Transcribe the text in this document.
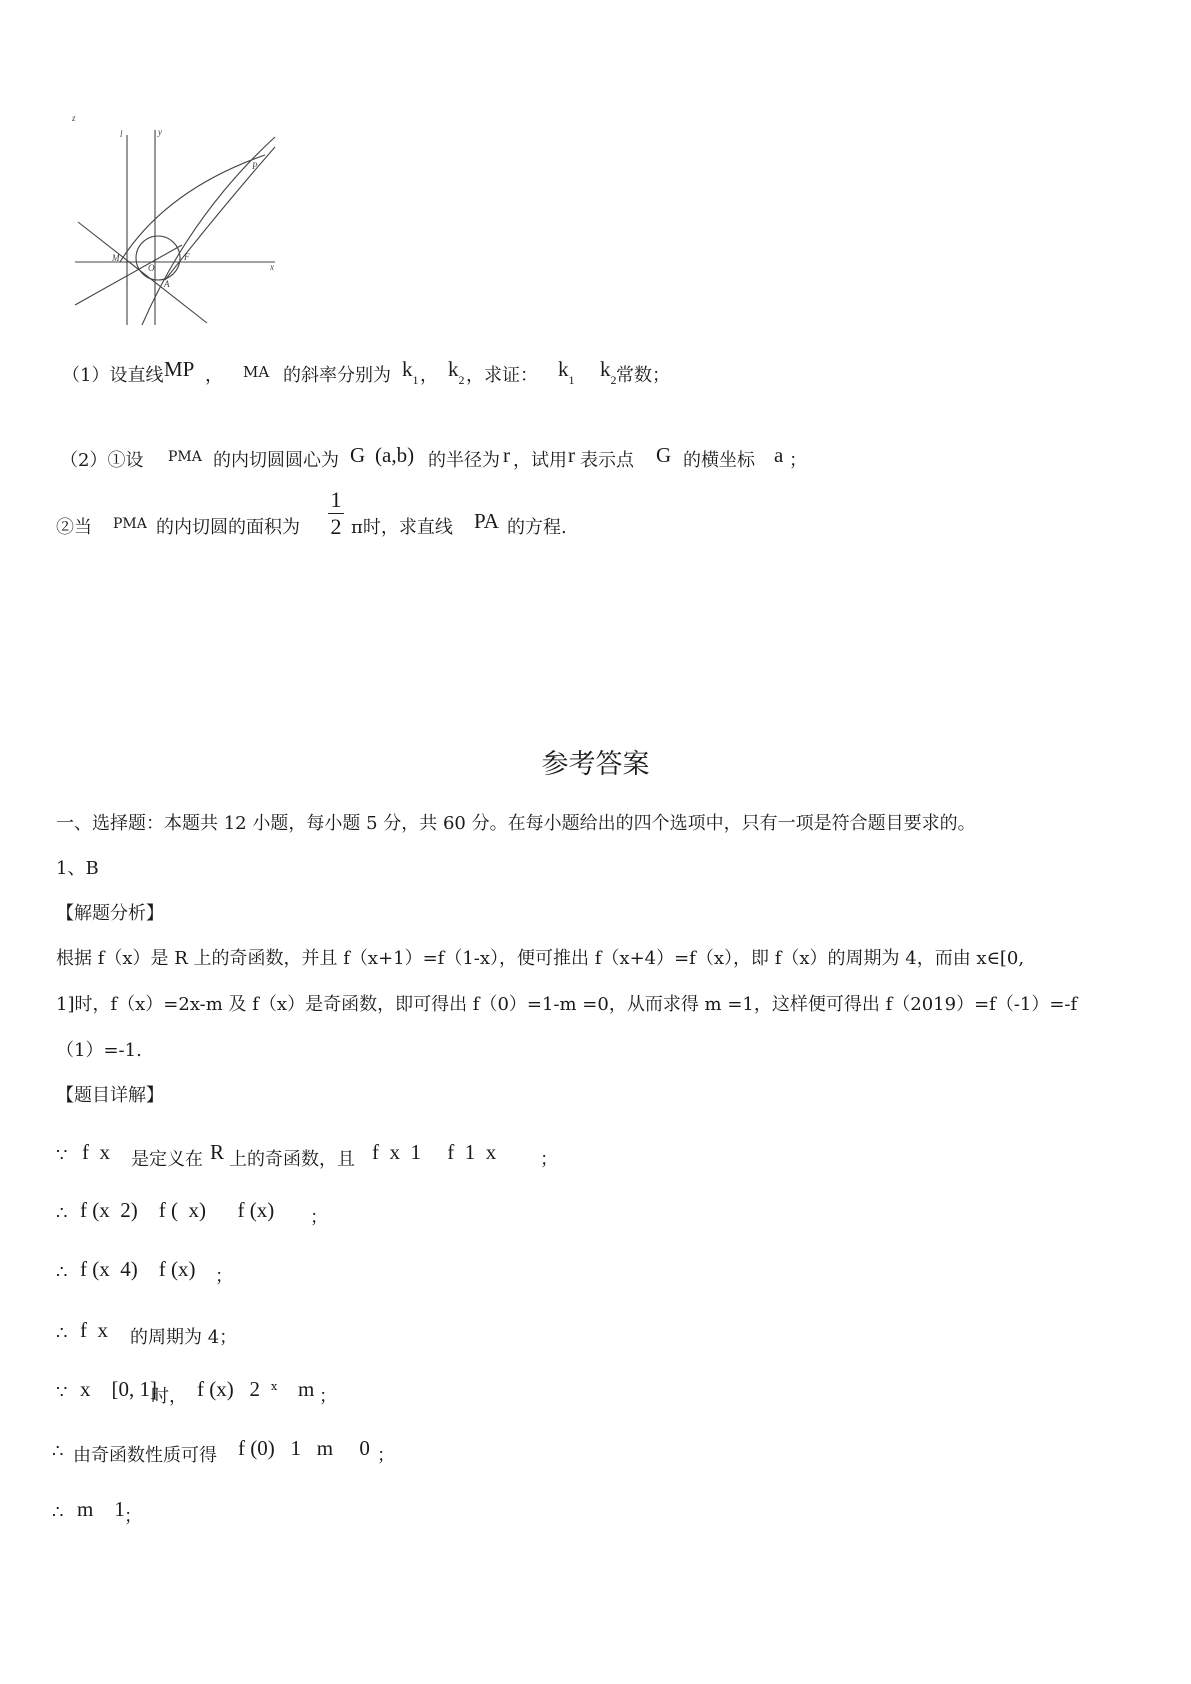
z
l	y
x
M
O
F
P
A
（1）设直线 MP ， MA 的斜率分别为 $k_1$ ， $k_2$ ，求证： $k_1$ $k_2$ 常数；
（2）①设 PMA 的内切圆圆心为 G (a,b) 的半径为 r ，试用 r 表示点 G 的横坐标 a ；
②当 PMA 的内切圆的面积为
1
2 π时，求直线 PA 的方程.
参考答案
一、选择题：本题共 12 小题，每小题 5 分，共 60 分。在每小题给出的四个选项中，只有一项是符合题目要求的。
1、B
【解题分析】
根据 f（x）是 R 上的奇函数，并且 f（x+1）=f（1-x），便可推出 f（x+4）=f（x），即 f（x）的周期为 4，而由 x∈[0,
1]时，f（x）=2x-m 及 f（x）是奇函数，即可得出 f（0）=1-m =0，从而求得 m =1，这样便可得出 f（2019）=f（-1）=-f
（1）=-1.
【题目详解】
∵ f  x 是定义在 R 上的奇函数，且 f  x  1     f  1  x ；
∴ f (x  2)    f (  x)      f (x) ；
∴ f (x  4)    f (x) ；
∴ f  x 的周期为 4；
∵ x    [0, 1]
时， f (x)   2 x m ；
∴ 由奇函数性质可得 f (0)   1   m     0 ；
∴ m    1 ；
